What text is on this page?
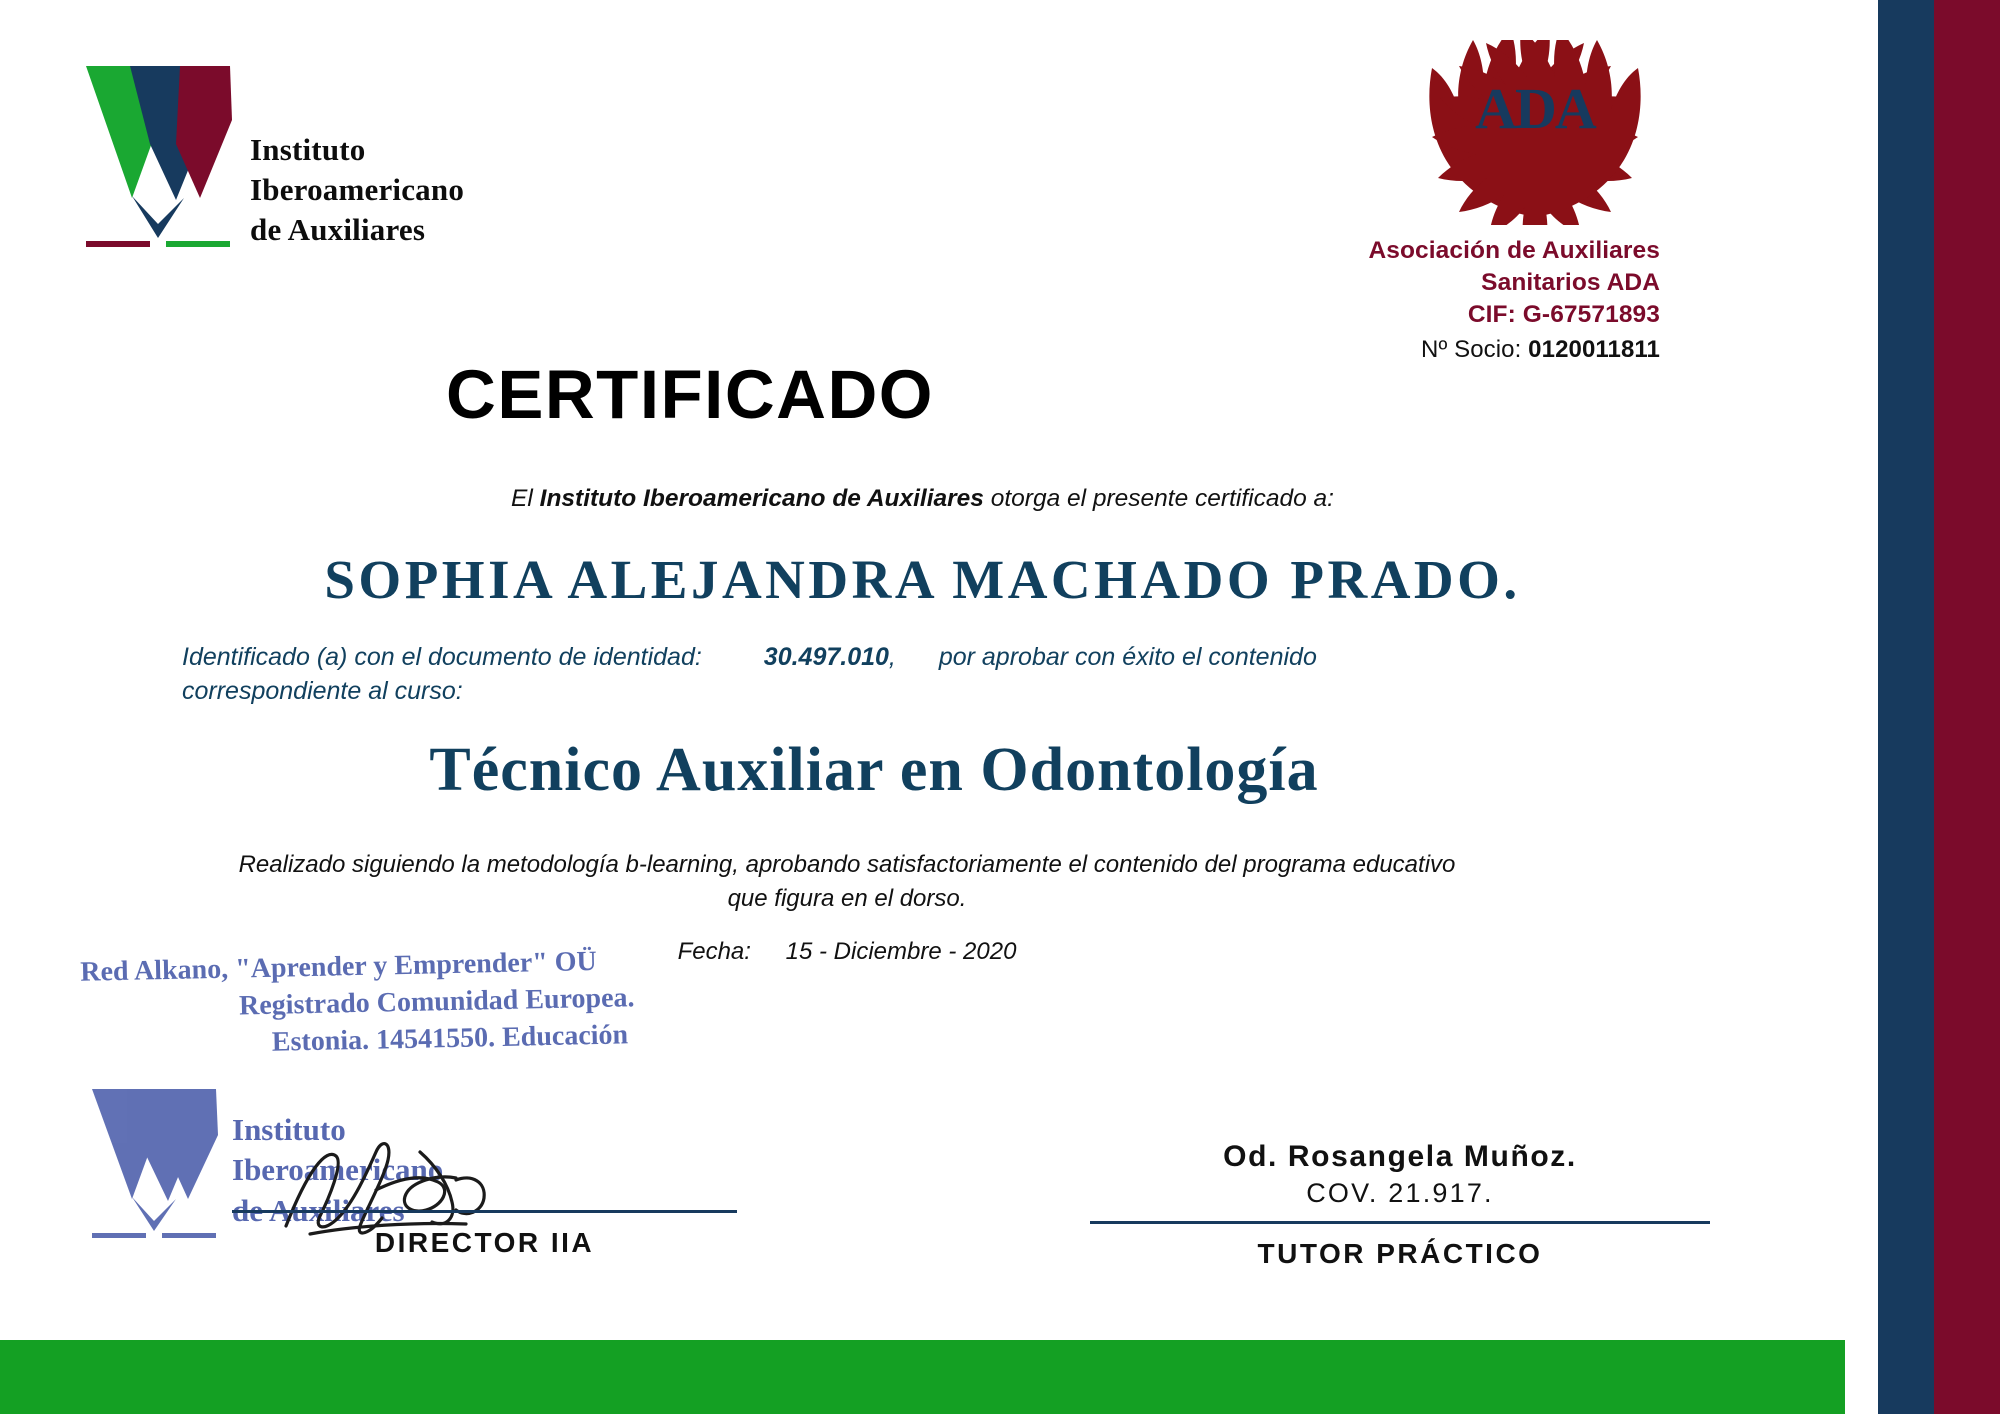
Instituto
Iberoamericano
de Auxiliares
ADA
Asociación de Auxiliares
Sanitarios ADA
CIF: G-67571893
Nº Socio: 0120011811
CERTIFICADO
El Instituto Iberoamericano de Auxiliares otorga el presente certificado a:
SOPHIA ALEJANDRA MACHADO PRADO.
Identificado (a) con el documento de identidad: 30.497.010, por aprobar con éxito el contenido
correspondiente al curso:
Técnico Auxiliar en Odontología
Realizado siguiendo la metodología b-learning, aprobando satisfactoriamente el contenido del programa educativo que figura en el dorso.
Fecha: 15 - Diciembre - 2020
Red Alkano, "Aprender y Emprender" OÜ
Registrado Comunidad Europea.
Estonia. 14541550. Educación
Instituto
Iberoamericano
de Auxiliares
DIRECTOR IIA
Od. Rosangela Muñoz.
COV. 21.917.
TUTOR PRÁCTICO
